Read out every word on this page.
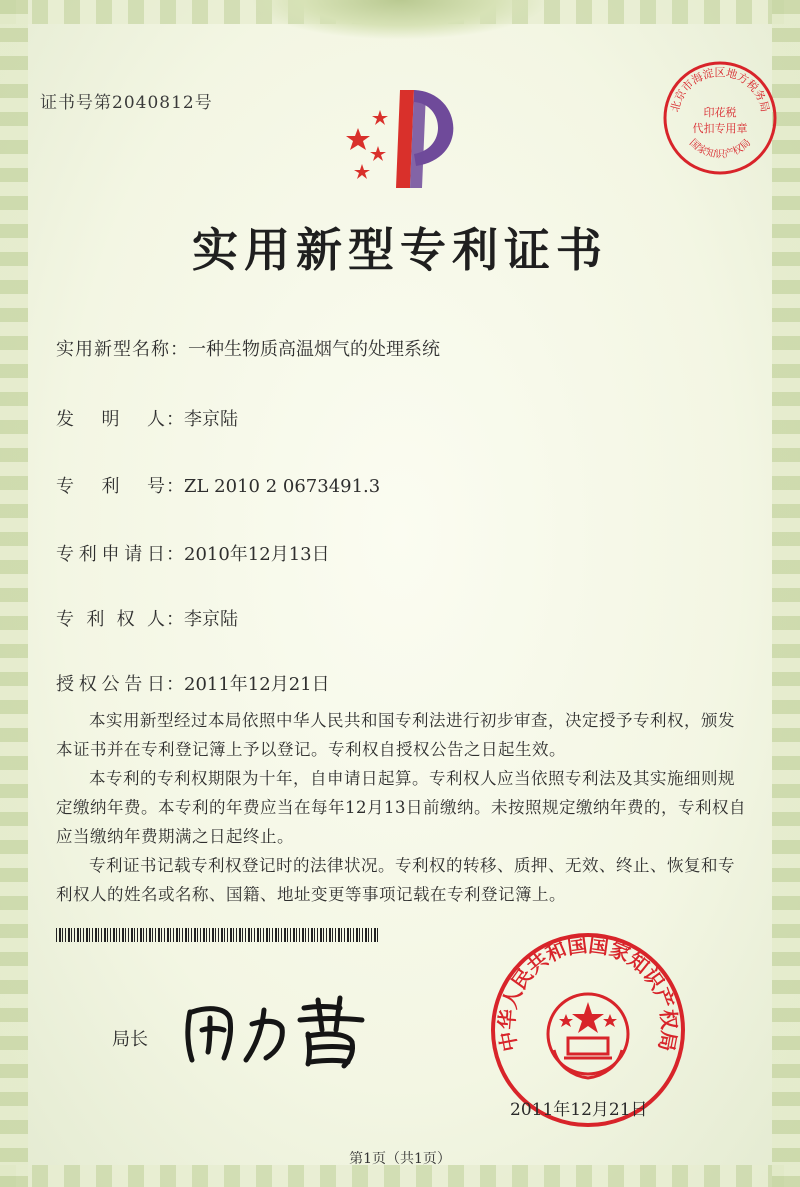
证书号第2040812号	北京市海淀区地方税务局
印花税
代扣专用章
国家知识产权局
实用新型专利证书
实用新型名称：一种生物质高温烟气的处理系统
发明人：李京陆
专利号：ZL 2010 2 0673491.3
专利申请日：2010年12月13日
专利权人：李京陆
授权公告日：2011年12月21日

本实用新型经过本局依照中华人民共和国专利法进行初步审查，决定授予专利权，颁发本证书并在专利登记簿上予以登记。专利权自授权公告之日起生效。

本专利的专利权期限为十年，自申请日起算。专利权人应当依照专利法及其实施细则规定缴纳年费。本专利的年费应当在每年12月13日前缴纳。未按照规定缴纳年费的，专利权自应当缴纳年费期满之日起终止。

专利证书记载专利权登记时的法律状况。专利权的转移、质押、无效、终止、恢复和专利权人的姓名或名称、国籍、地址变更等事项记载在专利登记簿上。

局长	中华人民共和国国家知识产权局
2011年12月21日
第1页（共1页）
